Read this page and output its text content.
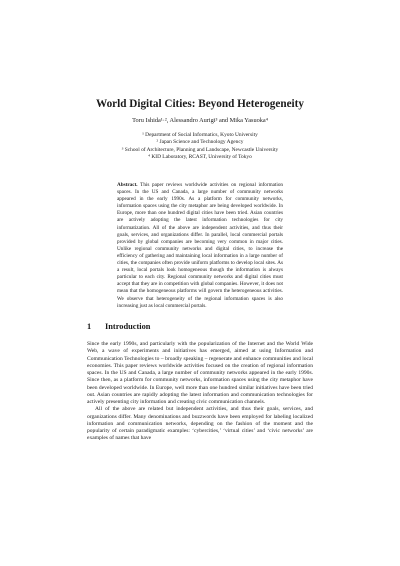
World Digital Cities: Beyond Heterogeneity
Toru Ishida¹·², Alessandro Aurigi³ and Mika Yasuoka⁴
¹ Department of Social Informatics, Kyoto University
² Japan Science and Technology Agency
³ School of Architecture, Planning and Landscape, Newcastle University
⁴ KID Laboratory, RCAST, University of Tokyo
Abstract. This paper reviews worldwide activities on regional information spaces. In the US and Canada, a large number of community networks appeared in the early 1990s. As a platform for community networks, information spaces using the city metaphor are being developed worldwide. In Europe, more than one hundred digital cities have been tried. Asian countries are actively adopting the latest information technologies for city informatization. All of the above are independent activities, and thus their goals, services, and organizations differ. In parallel, local commercial portals provided by global companies are becoming very common in major cities. Unlike regional community networks and digital cities, to increase the efficiency of gathering and maintaining local information in a large number of cities, the companies often provide uniform platforms to develop local sites. As a result, local portals look homogeneous though the information is always particular to each city. Regional community networks and digital cities must accept that they are in competition with global companies. However, it does not mean that the homogeneous platforms will govern the heterogeneous activities. We observe that heterogeneity of the regional information spaces is also increasing just as local commercial portals.
1 Introduction

Since the early 1990s, and particularly with the popularization of the Internet and the World Wide Web, a wave of experiments and initiatives has emerged, aimed at using Information and Communication Technologies to – broadly speaking – regenerate and enhance communities and local economies. This paper reviews worldwide activities focused on the creation of regional information spaces. In the US and Canada, a large number of community networks appeared in the early 1990s. Since then, as a platform for community networks, information spaces using the city metaphor have been developed worldwide. In Europe, well more than one hundred similar initiatives have been tried out. Asian countries are rapidly adopting the latest information and communication technologies for actively presenting city information and creating civic communication channels.

All of the above are related but independent activities, and thus their goals, services, and organizations differ. Many denominations and buzzwords have been employed for labeling localized information and communication networks, depending on the fashion of the moment and the popularity of certain paradigmatic examples: ‘cybercities,’ ‘virtual cities’ and ‘civic networks’ are examples of names that have
